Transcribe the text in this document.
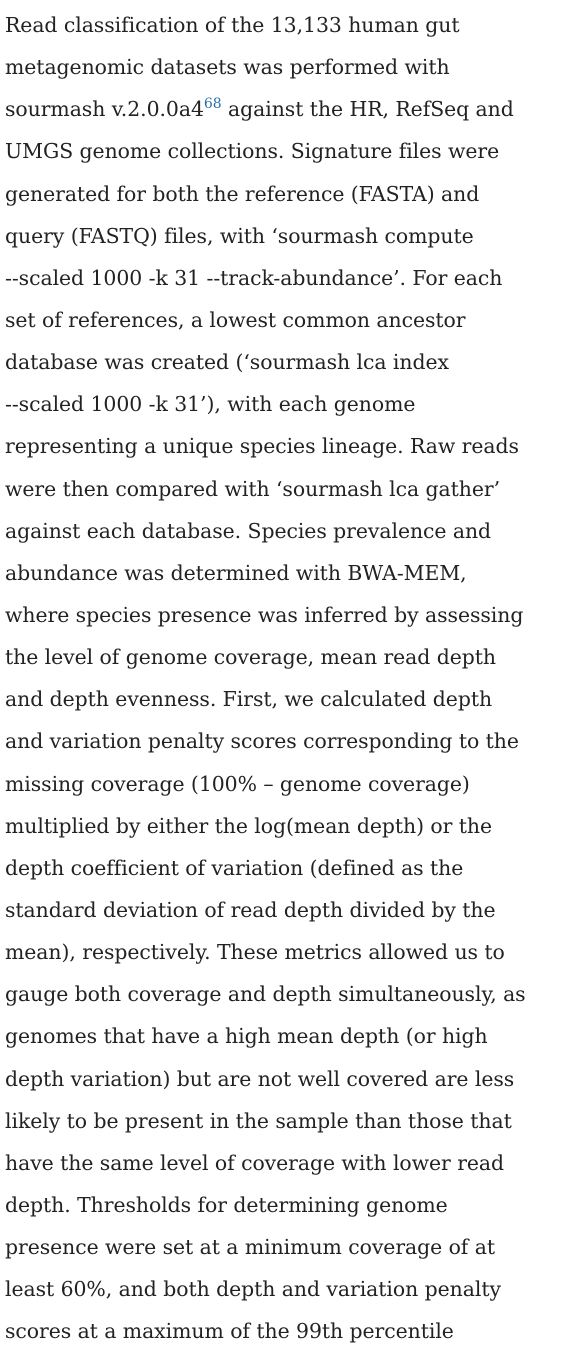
Read classification of the 13,133 human gut
metagenomic datasets was performed with
sourmash v.2.0.0a4$^{68}$ against the HR, RefSeq and
UMGS genome collections. Signature files were
generated for both the reference (FASTA) and
query (FASTQ) files, with ‘sourmash compute
--scaled 1000 -k 31 --track-abundance’. For each
set of references, a lowest common ancestor
database was created (‘sourmash lca index
--scaled 1000 -k 31’), with each genome
representing a unique species lineage. Raw reads
were then compared with ‘sourmash lca gather’
against each database. Species prevalence and
abundance was determined with BWA-MEM,
where species presence was inferred by assessing
the level of genome coverage, mean read depth
and depth evenness. First, we calculated depth
and variation penalty scores corresponding to the
missing coverage (100% – genome coverage)
multiplied by either the log(mean depth) or the
depth coefficient of variation (defined as the
standard deviation of read depth divided by the
mean), respectively. These metrics allowed us to
gauge both coverage and depth simultaneously, as
genomes that have a high mean depth (or high
depth variation) but are not well covered are less
likely to be present in the sample than those that
have the same level of coverage with lower read
depth. Thresholds for determining genome
presence were set at a minimum coverage of at
least 60%, and both depth and variation penalty
scores at a maximum of the 99th percentile
